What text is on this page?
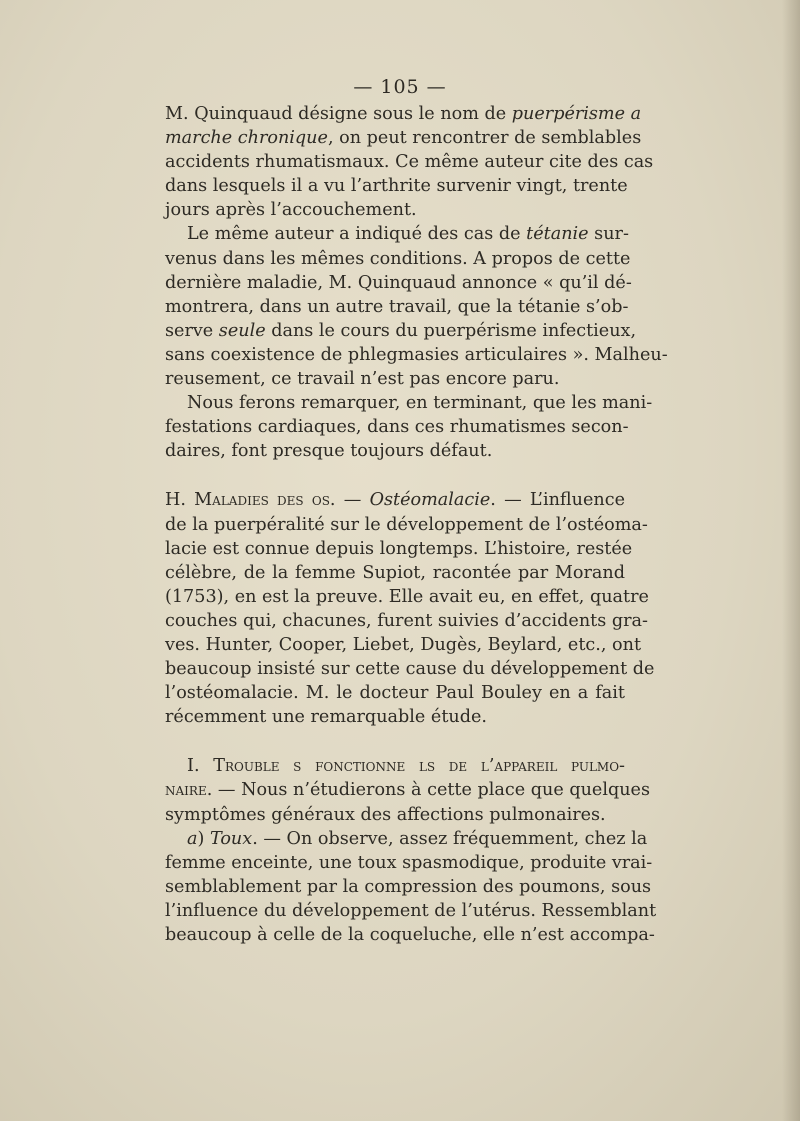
— 105 —
M. Quinquaud désigne sous le nom de puerpérisme a
marche chronique, on peut rencontrer de semblables
accidents rhumatismaux. Ce même auteur cite des cas
dans lesquels il a vu l’arthrite survenir vingt, trente
jours après l’accouchement.
Le même auteur a indiqué des cas de tétanie sur-
venus dans les mêmes conditions. A propos de cette
dernière maladie, M. Quinquaud annonce « qu’il dé-
montrera, dans un autre travail, que la tétanie s’ob-
serve seule dans le cours du puerpérisme infectieux,
sans coexistence de phlegmasies articulaires ». Malheu-
reusement, ce travail n’est pas encore paru.
Nous ferons remarquer, en terminant, que les mani-
festations cardiaques, dans ces rhumatismes secon-
daires, font presque toujours défaut.
H. Maladies des os. — Ostéomalacie. — L’influence
de la puerpéralité sur le développement de l’ostéoma-
lacie est connue depuis longtemps. L’histoire, restée
célèbre, de la femme Supiot, racontée par Morand
(1753), en est la preuve. Elle avait eu, en effet, quatre
couches qui, chacunes, furent suivies d’accidents gra-
ves. Hunter, Cooper, Liebet, Dugès, Beylard, etc., ont
beaucoup insisté sur cette cause du développement de
l’ostéomalacie. M. le docteur Paul Bouley en a fait
récemment une remarquable étude.
I. Trouble s fonctionne ls de l’appareil pulmo-
naire. — Nous n’étudierons à cette place que quelques
symptômes généraux des affections pulmonaires.
a) Toux. — On observe, assez fréquemment, chez la
femme enceinte, une toux spasmodique, produite vrai-
semblablement par la compression des poumons, sous
l’influence du développement de l’utérus. Ressemblant
beaucoup à celle de la coqueluche, elle n’est accompa-
